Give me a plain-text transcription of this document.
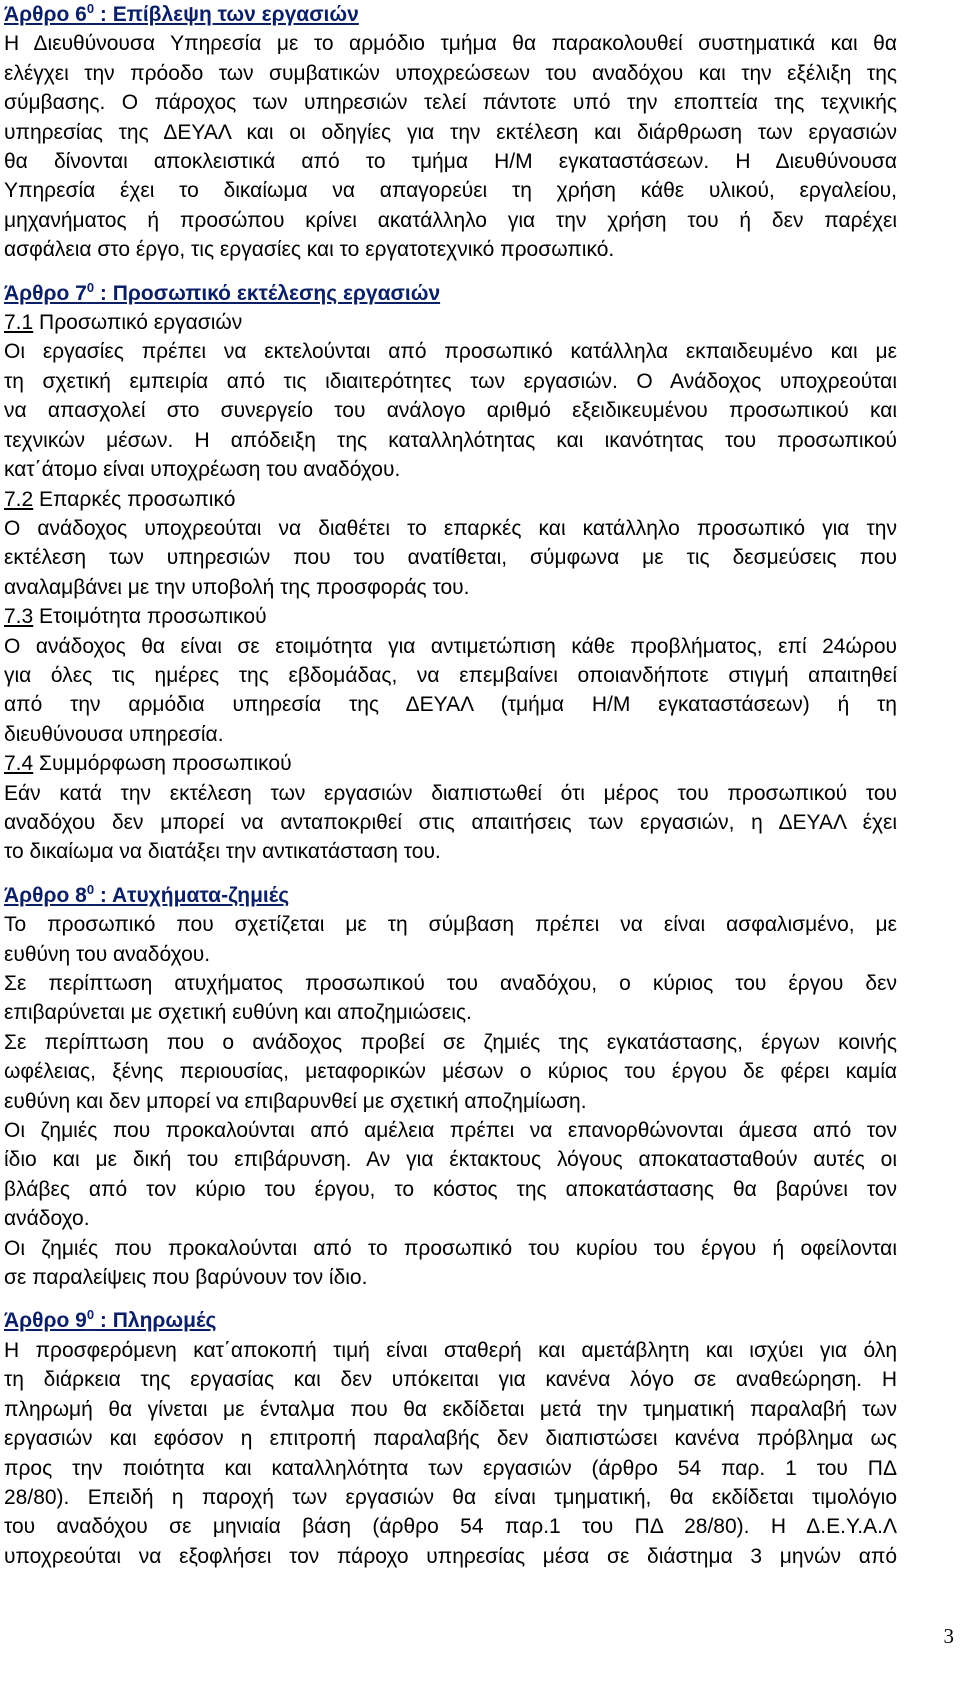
Άρθρο $6^0$ : Επίβλεψη των εργασιών
Η Διευθύνουσα Υπηρεσία με το αρμόδιο τμήμα θα παρακολουθεί συστηματικά και θα
ελέγχει την πρόοδο των συμβατικών υποχρεώσεων του αναδόχου και την εξέλιξη της
σύμβασης. Ο πάροχος των υπηρεσιών τελεί πάντοτε υπό την εποπτεία της τεχνικής
υπηρεσίας της ΔΕΥΑΛ και οι οδηγίες για την εκτέλεση και διάρθρωση των εργασιών
θα δίνονται αποκλειστικά από το τμήμα Η/Μ εγκαταστάσεων. Η Διευθύνουσα
Υπηρεσία έχει το δικαίωμα να απαγορεύει τη χρήση κάθε υλικού, εργαλείου,
μηχανήματος ή προσώπου κρίνει ακατάλληλο για την χρήση του ή δεν παρέχει
ασφάλεια στο έργο, τις εργασίες και το εργατοτεχνικό προσωπικό.
Άρθρο $7^0$ : Προσωπικό εκτέλεσης εργασιών
7.1 Προσωπικό εργασιών
Οι εργασίες πρέπει να εκτελούνται από προσωπικό κατάλληλα εκπαιδευμένο και με
τη σχετική εμπειρία από τις ιδιαιτερότητες των εργασιών. Ο Ανάδοχος υποχρεούται
να απασχολεί στο συνεργείο του ανάλογο αριθμό εξειδικευμένου προσωπικού και
τεχνικών μέσων. Η απόδειξη της καταλληλότητας και ικανότητας του προσωπικού
κατ΄άτομο είναι υποχρέωση του αναδόχου.
7.2 Επαρκές προσωπικό
Ο ανάδοχος υποχρεούται να διαθέτει το επαρκές και κατάλληλο προσωπικό για την
εκτέλεση των υπηρεσιών που του ανατίθεται, σύμφωνα με τις δεσμεύσεις που
αναλαμβάνει με την υποβολή της προσφοράς του.
7.3 Ετοιμότητα προσωπικού
Ο ανάδοχος θα είναι σε ετοιμότητα για αντιμετώπιση κάθε προβλήματος, επί 24ώρου
για όλες τις ημέρες της εβδομάδας, να επεμβαίνει οποιανδήποτε στιγμή απαιτηθεί
από την αρμόδια υπηρεσία της ΔΕΥΑΛ (τμήμα Η/Μ εγκαταστάσεων) ή τη
διευθύνουσα υπηρεσία.
7.4 Συμμόρφωση προσωπικού
Εάν κατά την εκτέλεση των εργασιών διαπιστωθεί ότι μέρος του προσωπικού του
αναδόχου δεν μπορεί να ανταποκριθεί στις απαιτήσεις των εργασιών, η ΔΕΥΑΛ έχει
το δικαίωμα να διατάξει την αντικατάσταση του.
Άρθρο $8^0$ : Ατυχήματα-ζημιές
Το προσωπικό που σχετίζεται με τη σύμβαση πρέπει να είναι ασφαλισμένο, με
ευθύνη του αναδόχου.
Σε περίπτωση ατυχήματος προσωπικού του αναδόχου, ο κύριος του έργου δεν
επιβαρύνεται με σχετική ευθύνη και αποζημιώσεις.
Σε περίπτωση που ο ανάδοχος προβεί σε ζημιές της εγκατάστασης, έργων κοινής
ωφέλειας, ξένης περιουσίας, μεταφορικών μέσων ο κύριος του έργου δε φέρει καμία
ευθύνη και δεν μπορεί να επιβαρυνθεί με σχετική αποζημίωση.
Οι ζημιές που προκαλούνται από αμέλεια πρέπει να επανορθώνονται άμεσα από τον
ίδιο και με δική του επιβάρυνση. Αν για έκτακτους λόγους αποκατασταθούν αυτές οι
βλάβες από τον κύριο του έργου, το κόστος της αποκατάστασης θα βαρύνει τον
ανάδοχο.
Οι ζημιές που προκαλούνται από το προσωπικό του κυρίου του έργου ή οφείλονται
σε παραλείψεις που βαρύνουν τον ίδιο.
Άρθρο $9^0$ : Πληρωμές
Η προσφερόμενη κατ΄αποκοπή τιμή είναι σταθερή και αμετάβλητη και ισχύει για όλη
τη διάρκεια της εργασίας και δεν υπόκειται για κανένα λόγο σε αναθεώρηση. Η
πληρωμή θα γίνεται με ένταλμα που θα εκδίδεται μετά την τμηματική παραλαβή των
εργασιών και εφόσον η επιτροπή παραλαβής δεν διαπιστώσει κανένα πρόβλημα ως
προς την ποιότητα και καταλληλότητα των εργασιών (άρθρο 54 παρ. 1 του ΠΔ
28/80). Επειδή η παροχή των εργασιών θα είναι τμηματική, θα εκδίδεται τιμολόγιο
του αναδόχου σε μηνιαία βάση (άρθρο 54 παρ.1 του ΠΔ 28/80). Η Δ.Ε.Υ.Α.Λ
υποχρεούται να εξοφλήσει τον πάροχο υπηρεσίας μέσα σε διάστημα 3 μηνών από
3
